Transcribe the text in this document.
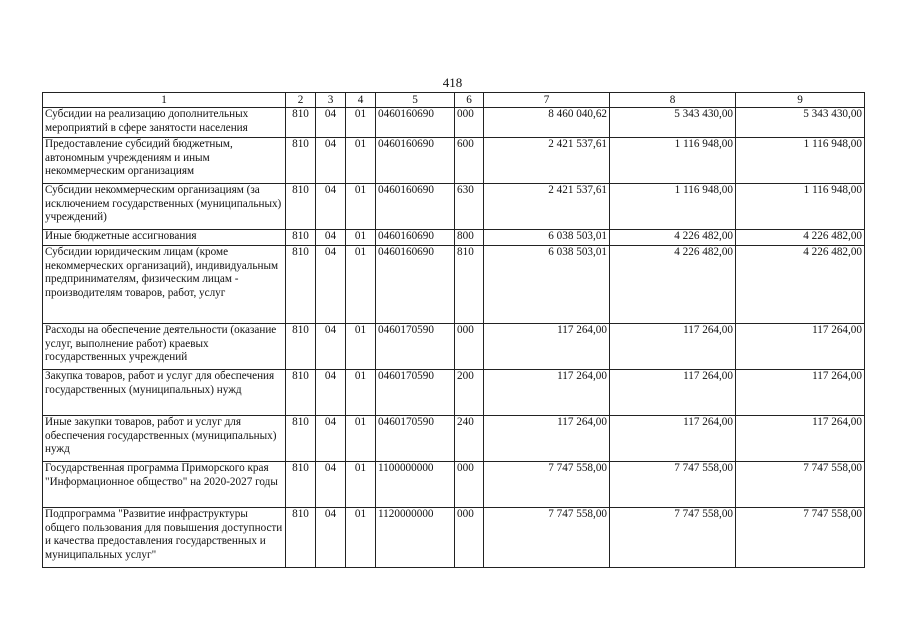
418
1	2	3	4	5	6	7	8	9
Субсидии на реализацию дополнительных мероприятий в сфере занятости населения	810	04	01	0460160690	000	8 460 040,62	5 343 430,00	5 343 430,00
Предоставление субсидий бюджетным, автономным учреждениям и иным некоммерческим организациям	810	04	01	0460160690	600	2 421 537,61	1 116 948,00	1 116 948,00
Субсидии некоммерческим организациям (за исключением государственных (муниципальных) учреждений)	810	04	01	0460160690	630	2 421 537,61	1 116 948,00	1 116 948,00
Иные бюджетные ассигнования	810	04	01	0460160690	800	6 038 503,01	4 226 482,00	4 226 482,00
Субсидии юридическим лицам (кроме некоммерческих организаций), индивидуальным предпринимателям, физическим лицам - производителям товаров, работ, услуг	810	04	01	0460160690	810	6 038 503,01	4 226 482,00	4 226 482,00
Расходы на обеспечение деятельности (оказание услуг, выполнение работ) краевых государственных учреждений	810	04	01	0460170590	000	117 264,00	117 264,00	117 264,00
Закупка товаров, работ и услуг для обеспечения государственных (муниципальных) нужд	810	04	01	0460170590	200	117 264,00	117 264,00	117 264,00
Иные закупки товаров, работ и услуг для обеспечения государственных (муниципальных) нужд	810	04	01	0460170590	240	117 264,00	117 264,00	117 264,00
Государственная программа Приморского края "Информационное общество" на 2020-2027 годы	810	04	01	1100000000	000	7 747 558,00	7 747 558,00	7 747 558,00
Подпрограмма "Развитие инфраструктуры общего пользования для повышения доступности и качества предоставления государственных и муниципальных услуг"	810	04	01	1120000000	000	7 747 558,00	7 747 558,00	7 747 558,00
